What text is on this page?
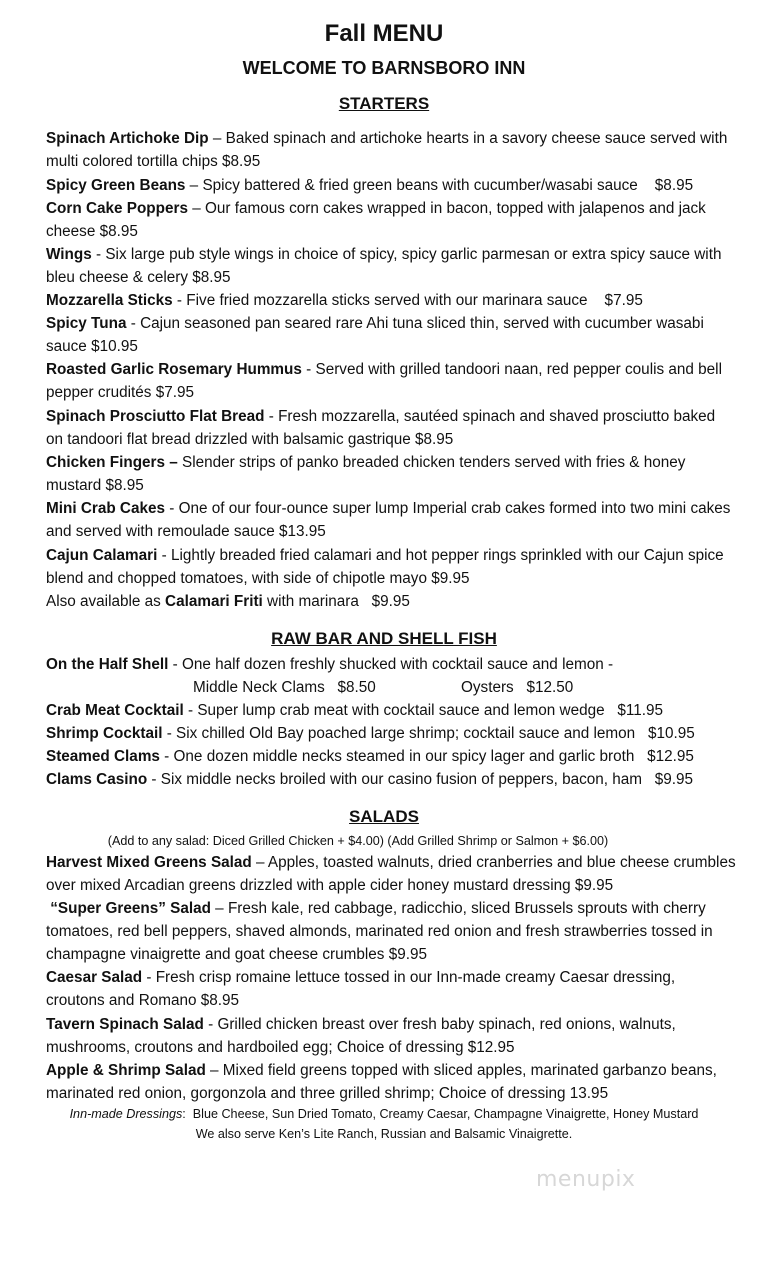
Fall MENU
WELCOME TO BARNSBORO INN
STARTERS
Spinach Artichoke Dip – Baked spinach and artichoke hearts in a savory cheese sauce served with multi colored tortilla chips $8.95
Spicy Green Beans – Spicy battered & fried green beans with cucumber/wasabi sauce    $8.95
Corn Cake Poppers – Our famous corn cakes wrapped in bacon, topped with jalapenos and jack cheese $8.95
Wings - Six large pub style wings in choice of spicy, spicy garlic parmesan or extra spicy sauce with bleu cheese & celery $8.95
Mozzarella Sticks - Five fried mozzarella sticks served with our marinara sauce    $7.95
Spicy Tuna - Cajun seasoned pan seared rare Ahi tuna sliced thin, served with cucumber wasabi sauce $10.95
Roasted Garlic Rosemary Hummus - Served with grilled tandoori naan, red pepper coulis and bell pepper crudités $7.95
Spinach Prosciutto Flat Bread - Fresh mozzarella, sautéed spinach and shaved prosciutto baked on tandoori flat bread drizzled with balsamic gastrique $8.95
Chicken Fingers – Slender strips of panko breaded chicken tenders served with fries & honey mustard $8.95
Mini Crab Cakes - One of our four-ounce super lump Imperial crab cakes formed into two mini cakes and served with remoulade sauce $13.95
Cajun Calamari - Lightly breaded fried calamari and hot pepper rings sprinkled with our Cajun spice blend and chopped tomatoes, with side of chipotle mayo $9.95
Also available as Calamari Friti with marinara   $9.95
RAW BAR AND SHELL FISH
On the Half Shell - One half dozen freshly shucked with cocktail sauce and lemon -
Middle Neck Clams   $8.50	Oysters   $12.50
Crab Meat Cocktail - Super lump crab meat with cocktail sauce and lemon wedge   $11.95
Shrimp Cocktail - Six chilled Old Bay poached large shrimp; cocktail sauce and lemon   $10.95
Steamed Clams - One dozen middle necks steamed in our spicy lager and garlic broth   $12.95
Clams Casino - Six middle necks broiled with our casino fusion of peppers, bacon, ham   $9.95
SALADS
(Add to any salad: Diced Grilled Chicken + $4.00) (Add Grilled Shrimp or Salmon + $6.00)
Harvest Mixed Greens Salad – Apples, toasted walnuts, dried cranberries and blue cheese crumbles over mixed Arcadian greens drizzled with apple cider honey mustard dressing $9.95
“Super Greens” Salad – Fresh kale, red cabbage, radicchio, sliced Brussels sprouts with cherry tomatoes, red bell peppers, shaved almonds, marinated red onion and fresh strawberries tossed in champagne vinaigrette and goat cheese crumbles $9.95
Caesar Salad - Fresh crisp romaine lettuce tossed in our Inn-made creamy Caesar dressing, croutons and Romano $8.95
Tavern Spinach Salad - Grilled chicken breast over fresh baby spinach, red onions, walnuts, mushrooms, croutons and hardboiled egg; Choice of dressing $12.95
Apple & Shrimp Salad – Mixed field greens topped with sliced apples, marinated garbanzo beans, marinated red onion, gorgonzola and three grilled shrimp; Choice of dressing 13.95
Inn-made Dressings:  Blue Cheese, Sun Dried Tomato, Creamy Caesar, Champagne Vinaigrette, Honey Mustard
We also serve Ken’s Lite Ranch, Russian and Balsamic Vinaigrette.
menupix
